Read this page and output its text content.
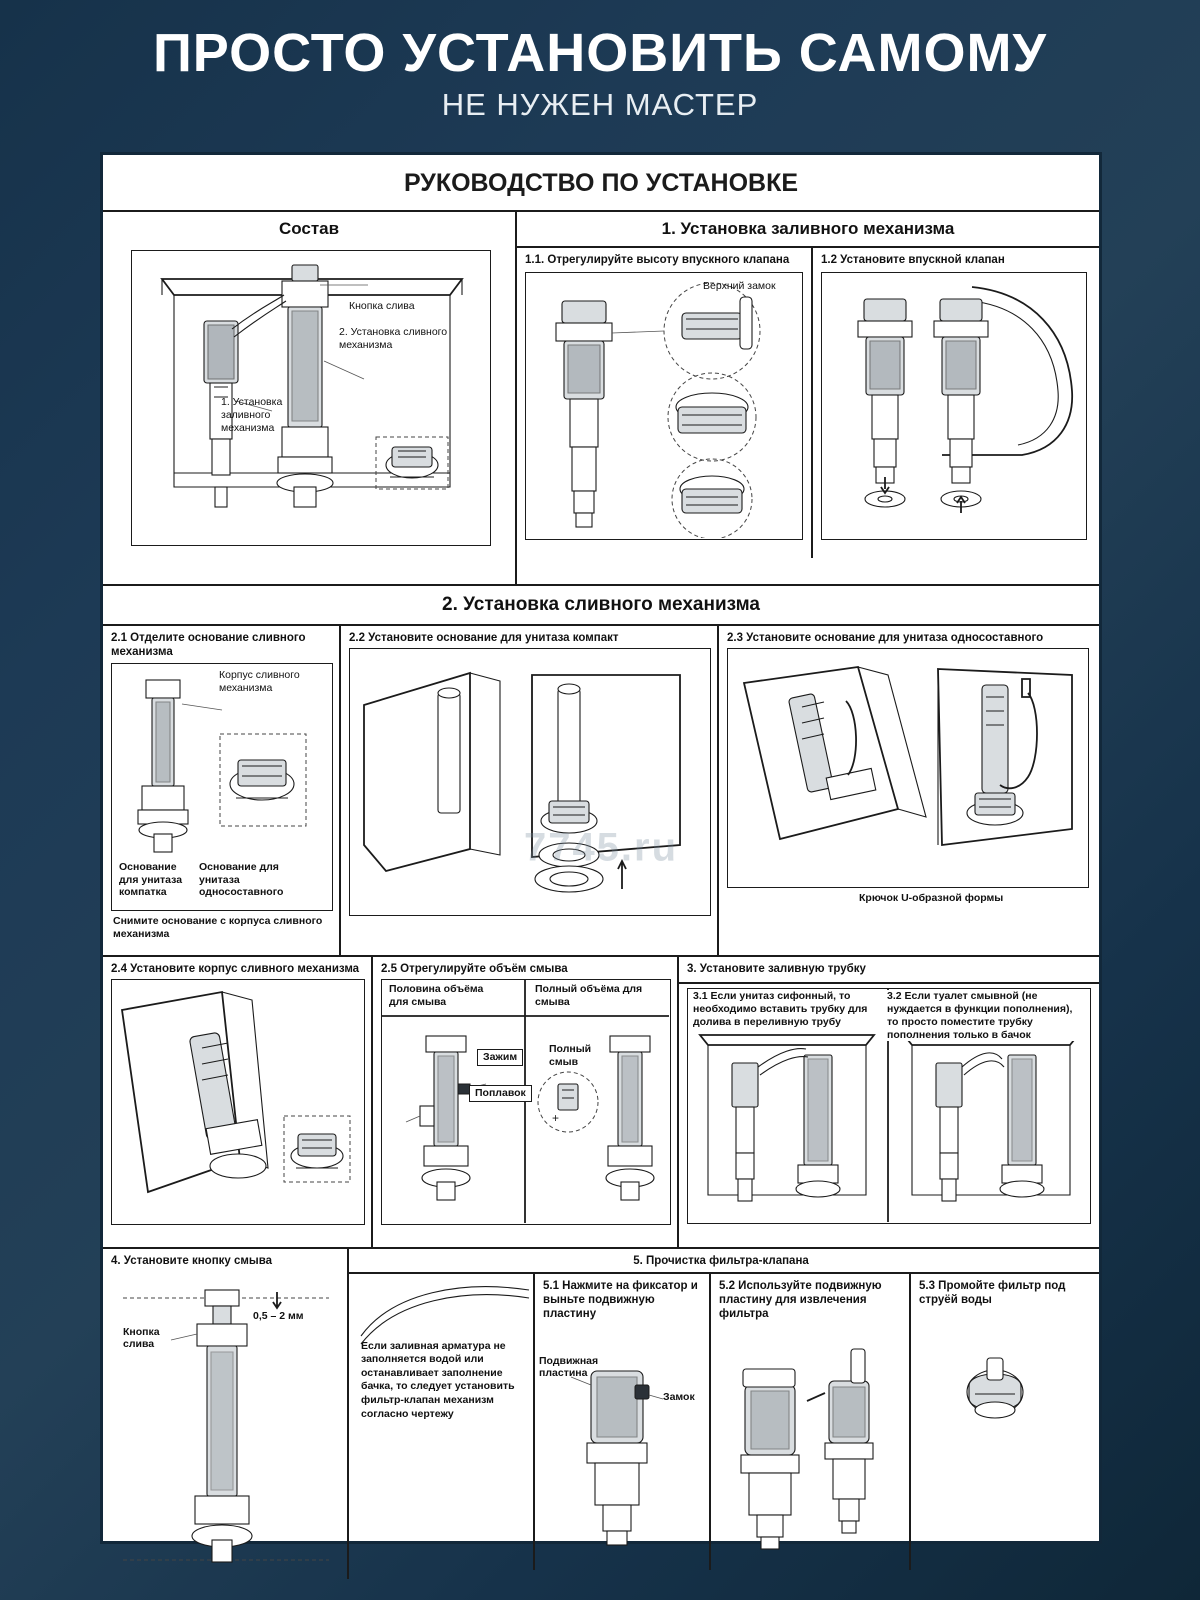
ПРОСТО УСТАНОВИТЬ САМОМУ
НЕ НУЖЕН МАСТЕР
РУКОВОДСТВО ПО УСТАНОВКЕ
Состав
Кнопка слива
2. Установка сливного механизма
1. Установка заливного механизма
1. Установка заливного механизма
1.1. Отрегулируйте высоту впускного клапана
Верхний замок
1.2 Установите впускной клапан
2. Установка сливного механизма
2.1 Отделите основание сливного механизма
Корпус сливного механизма
Основание для унитаза компатка
Основание для унитаза односоставного
Снимите основание с корпуса сливного механизма
2.2 Установите основание для унитаза компакт	2.3 Установите основание для унитаза односоставного
Крючок U-образной формы
2.4 Установите корпус сливного механизма	2.5 Отрегулируйте объём смыва
+
Половина объёма для смыва
Полный объёма для смыва
Зажим
Поплавок
Полный смыв
3. Установите заливную трубку
3.1 Если унитаз сифонный, то необходимо вставить трубку для долива в переливную трубу
3.2 Если туалет смывной (не нуждается в функции пополнения), то просто поместите трубку пополнения только в бачок
4. Установите кнопку смыва
Кнопка слива
0,5 – 2 мм
5. Прочистка фильтра-клапана
Если заливная арматура не заполняется водой или останавливает заполнение бачка, то следует установить фильтр-клапан механизм согласно чертежу
5.1 Нажмите на фиксатор и выньте подвижную пластину
Подвижная пластина
Замок
5.2 Используйте подвижную пластину для извлечения фильтра
5.3 Промойте фильтр под струёй воды
7745.ru
